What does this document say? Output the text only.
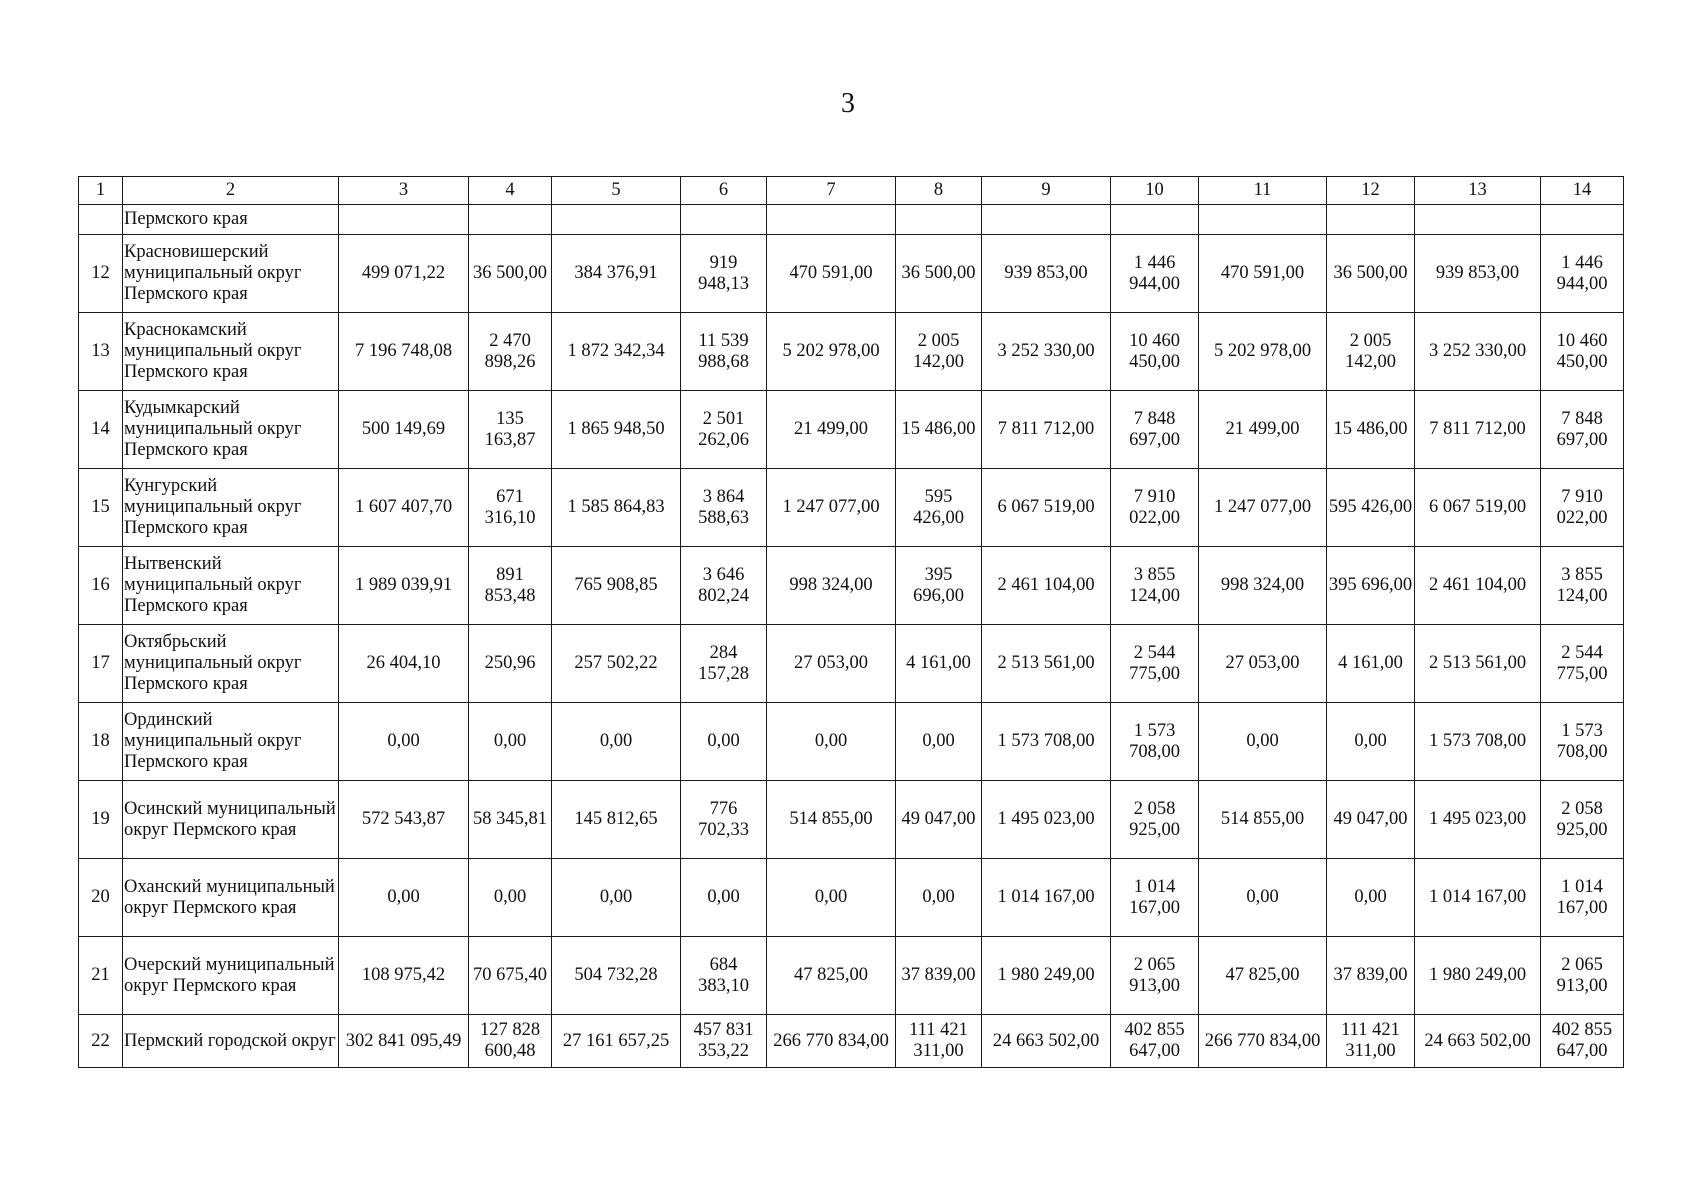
3
1	2	3	4	5	6	7	8	9	10	11	12	13	14
	Пермского края												
12	Красновишерский муниципальный округ Пермского края	499 071,22	36 500,00	384 376,91	919 948,13	470 591,00	36 500,00	939 853,00	1 446 944,00	470 591,00	36 500,00	939 853,00	1 446 944,00
13	Краснокамский муниципальный округ Пермского края	7 196 748,08	2 470 898,26	1 872 342,34	11 539 988,68	5 202 978,00	2 005 142,00	3 252 330,00	10 460 450,00	5 202 978,00	2 005 142,00	3 252 330,00	10 460 450,00
14	Кудымкарский муниципальный округ Пермского края	500 149,69	135 163,87	1 865 948,50	2 501 262,06	21 499,00	15 486,00	7 811 712,00	7 848 697,00	21 499,00	15 486,00	7 811 712,00	7 848 697,00
15	Кунгурский муниципальный округ Пермского края	1 607 407,70	671 316,10	1 585 864,83	3 864 588,63	1 247 077,00	595 426,00	6 067 519,00	7 910 022,00	1 247 077,00	595 426,00	6 067 519,00	7 910 022,00
16	Нытвенский муниципальный округ Пермского края	1 989 039,91	891 853,48	765 908,85	3 646 802,24	998 324,00	395 696,00	2 461 104,00	3 855 124,00	998 324,00	395 696,00	2 461 104,00	3 855 124,00
17	Октябрьский муниципальный округ Пермского края	26 404,10	250,96	257 502,22	284 157,28	27 053,00	4 161,00	2 513 561,00	2 544 775,00	27 053,00	4 161,00	2 513 561,00	2 544 775,00
18	Ординский муниципальный округ Пермского края	0,00	0,00	0,00	0,00	0,00	0,00	1 573 708,00	1 573 708,00	0,00	0,00	1 573 708,00	1 573 708,00
19	Осинский муниципальный округ Пермского края	572 543,87	58 345,81	145 812,65	776 702,33	514 855,00	49 047,00	1 495 023,00	2 058 925,00	514 855,00	49 047,00	1 495 023,00	2 058 925,00
20	Оханский муниципальный округ Пермского края	0,00	0,00	0,00	0,00	0,00	0,00	1 014 167,00	1 014 167,00	0,00	0,00	1 014 167,00	1 014 167,00
21	Очерский муниципальный округ Пермского края	108 975,42	70 675,40	504 732,28	684 383,10	47 825,00	37 839,00	1 980 249,00	2 065 913,00	47 825,00	37 839,00	1 980 249,00	2 065 913,00
22	Пермский городской округ	302 841 095,49	127 828 600,48	27 161 657,25	457 831 353,22	266 770 834,00	111 421 311,00	24 663 502,00	402 855 647,00	266 770 834,00	111 421 311,00	24 663 502,00	402 855 647,00
